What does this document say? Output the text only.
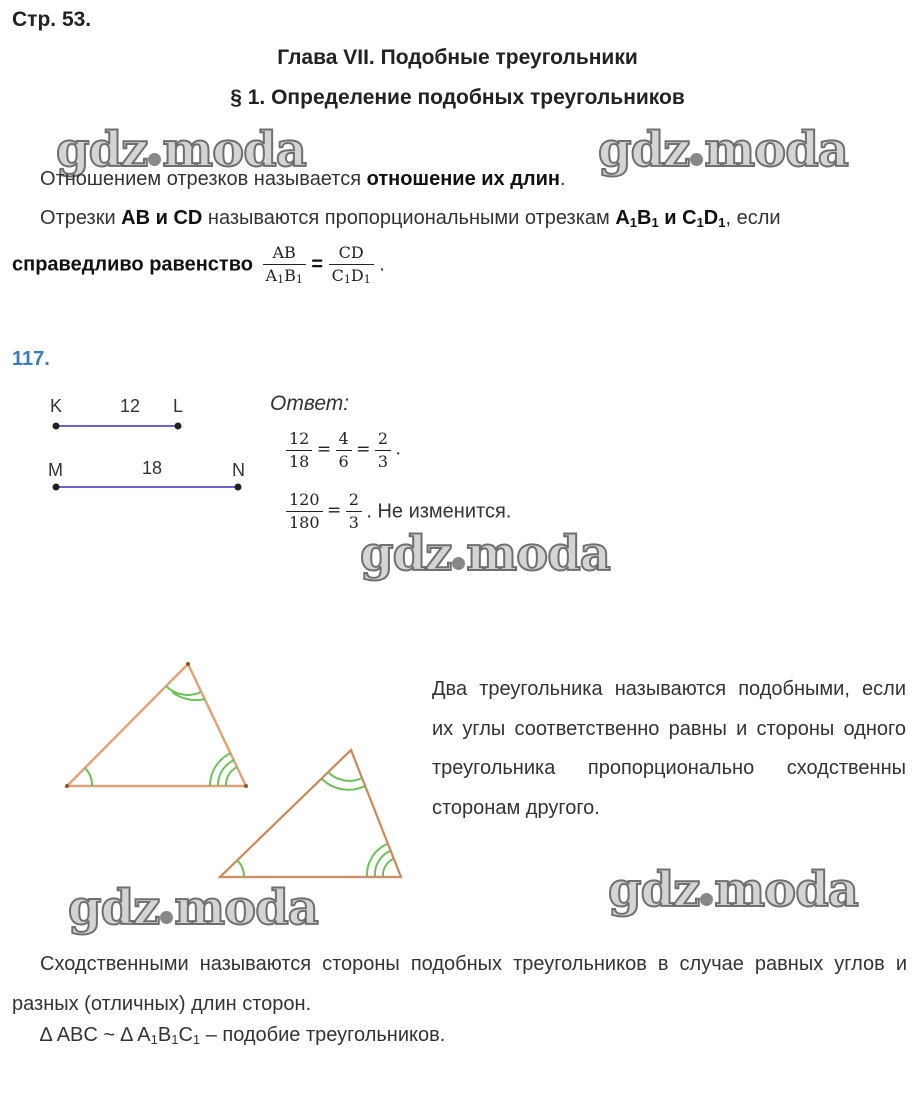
Стр. 53.
Глава VII. Подобные треугольники
§ 1. Определение подобных треугольников
gdz moda	gdz moda
gdz moda
gdz moda
gdz moda
Отношением отрезков называется отношение их длин.
Отрезки AB и CD называются пропорциональными отрезкам $A_1B_1$ и $C_1D_1$, если
справедливо равенство $\frac{AB}{A_1B_1} = \frac{CD}{C_1D_1}$ .
117.
K	12 L
M	18	N
Ответ:
$\frac{12}{18} = \frac{4}{6} = \frac{2}{3}$ .
$\frac{120}{180} = \frac{2}{3}$ . Не изменится.
Два треугольника называются подобными, если их углы соответственно равны и стороны одного треугольника пропорционально сходственны сторонам другого.
Сходственными называются стороны подобных треугольников в случае равных углов и разных (отличных) длин сторон.
∆ ABC ~ ∆ $A_1B_1C_1$ – подобие треугольников.
